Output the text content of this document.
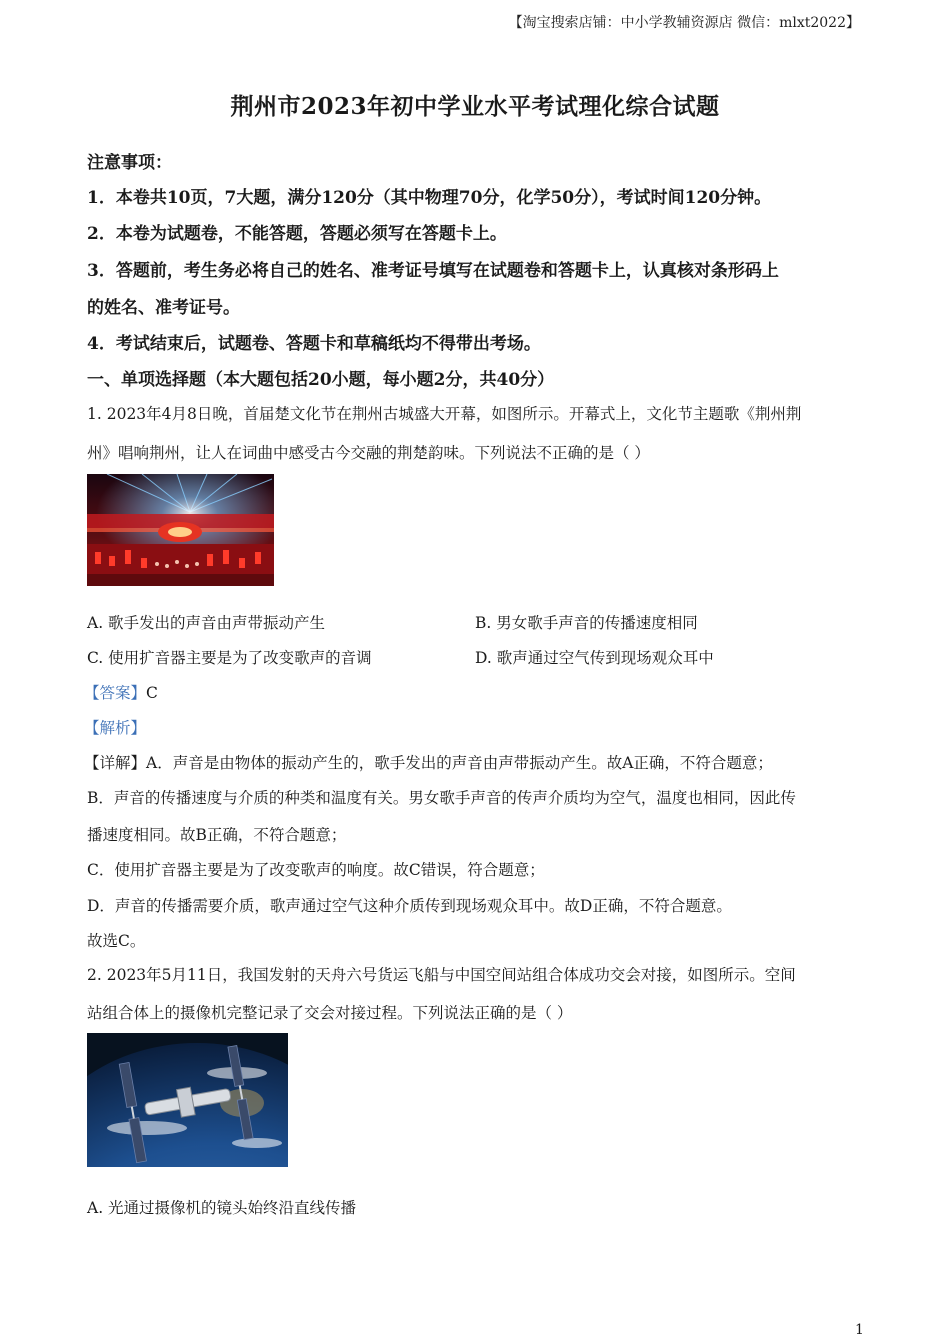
【淘宝搜索店铺：中小学教辅资源店 微信：mlxt2022】
荆州市2023年初中学业水平考试理化综合试题
注意事项：
1．本卷共10页，7大题，满分120分（其中物理70分，化学50分），考试时间120分钟。
2．本卷为试题卷，不能答题，答题必须写在答题卡上。
3．答题前，考生务必将自己的姓名、准考证号填写在试题卷和答题卡上，认真核对条形码上
的姓名、准考证号。
4．考试结束后，试题卷、答题卡和草稿纸均不得带出考场。
一、单项选择题（本大题包括20小题，每小题2分，共40分）
1. 2023年4月8日晚，首届楚文化节在荆州古城盛大开幕，如图所示。开幕式上，文化节主题歌《荆州荆
州》唱响荆州，让人在词曲中感受古今交融的荆楚韵味。下列说法不正确的是（ ）
A. 歌手发出的声音由声带振动产生	B. 男女歌手声音的传播速度相同
C. 使用扩音器主要是为了改变歌声的音调	D. 歌声通过空气传到现场观众耳中
【答案】C
【解析】
【详解】A．声音是由物体的振动产生的，歌手发出的声音由声带振动产生。故A正确，不符合题意；
B．声音的传播速度与介质的种类和温度有关。男女歌手声音的传声介质均为空气，温度也相同，因此传
播速度相同。故B正确，不符合题意；
C．使用扩音器主要是为了改变歌声的响度。故C错误，符合题意；
D．声音的传播需要介质，歌声通过空气这种介质传到现场观众耳中。故D正确，不符合题意。
故选C。
2. 2023年5月11日，我国发射的天舟六号货运飞船与中国空间站组合体成功交会对接，如图所示。空间
站组合体上的摄像机完整记录了交会对接过程。下列说法正确的是（ ）
A. 光通过摄像机的镜头始终沿直线传播
1
